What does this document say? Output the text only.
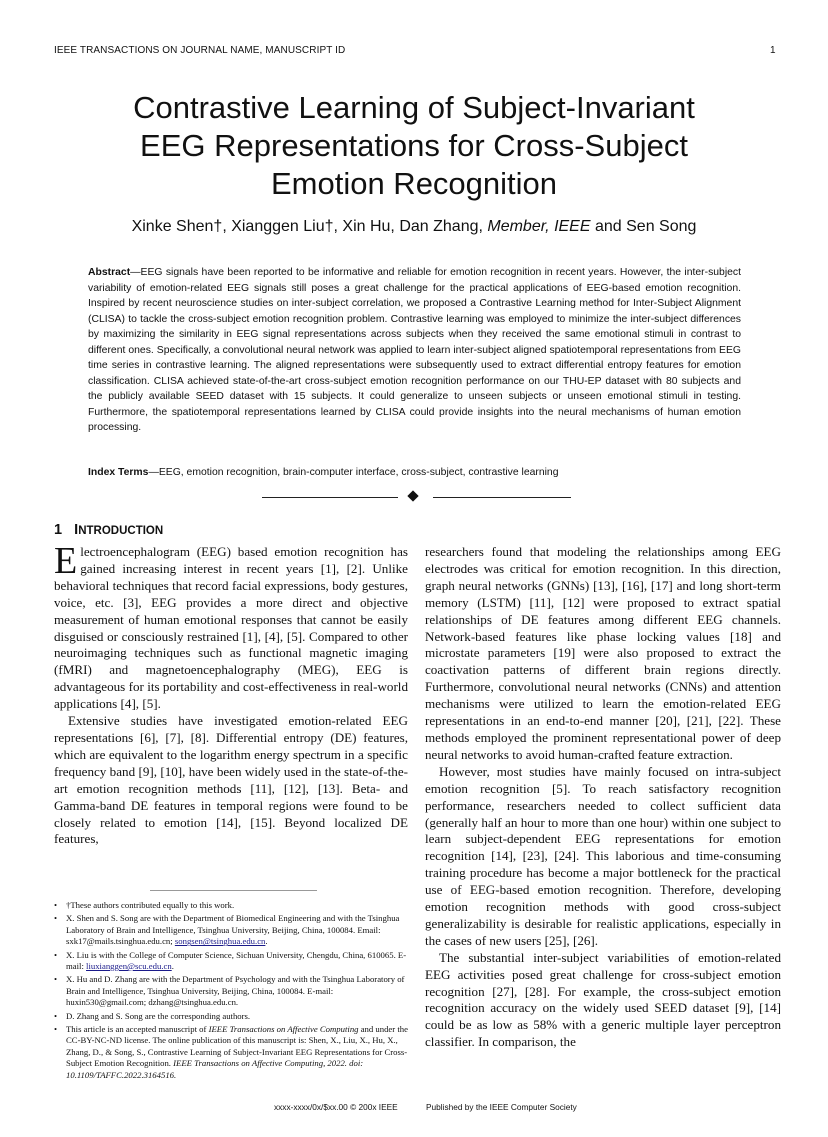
IEEE TRANSACTIONS ON JOURNAL NAME, MANUSCRIPT ID	1
Contrastive Learning of Subject-Invariant
EEG Representations for Cross-Subject
Emotion Recognition
Xinke Shen†, Xianggen Liu†, Xin Hu, Dan Zhang, Member, IEEE and Sen Song
Abstract—EEG signals have been reported to be informative and reliable for emotion recognition in recent years. However, the inter-subject variability of emotion-related EEG signals still poses a great challenge for the practical applications of EEG-based emotion recognition. Inspired by recent neuroscience studies on inter-subject correlation, we proposed a Contrastive Learning method for Inter-Subject Alignment (CLISA) to tackle the cross-subject emotion recognition problem. Contrastive learning was employed to minimize the inter-subject differences by maximizing the similarity in EEG signal representations across subjects when they received the same emotional stimuli in contrast to different ones. Specifically, a convolutional neural network was applied to learn inter-subject aligned spatiotemporal representations from EEG time series in contrastive learning. The aligned representations were subsequently used to extract differential entropy features for emotion classification. CLISA achieved state-of-the-art cross-subject emotion recognition performance on our THU-EP dataset with 80 subjects and the publicly available SEED dataset with 15 subjects. It could generalize to unseen subjects or unseen emotional stimuli in testing. Furthermore, the spatiotemporal representations learned by CLISA could provide insights into the neural mechanisms of human emotion processing.
Index Terms—EEG, emotion recognition, brain-computer interface, cross-subject, contrastive learning
1 INTRODUCTION

Electroencephalogram (EEG) based emotion recognition has gained increasing interest in recent years [1], [2]. Unlike behavioral techniques that record facial expressions, body gestures, voice, etc. [3], EEG provides a more direct and objective measurement of human emotional responses that cannot be easily disguised or consciously restrained [1], [4], [5]. Compared to other neuroimaging techniques such as functional magnetic imaging (fMRI) and magnetoencephalography (MEG), EEG is advantageous for its portability and cost-effectiveness in real-world applications [4], [5].

Extensive studies have investigated emotion-related EEG representations [6], [7], [8]. Differential entropy (DE) features, which are equivalent to the logarithm energy spectrum in a specific frequency band [9], [10], have been widely used in the state-of-the-art emotion recognition methods [11], [12], [13]. Beta- and Gamma-band DE features in temporal regions were found to be closely related to emotion [14], [15]. Beyond localized DE features,

researchers found that modeling the relationships among EEG electrodes was critical for emotion recognition. In this direction, graph neural networks (GNNs) [13], [16], [17] and long short-term memory (LSTM) [11], [12] were proposed to extract spatial relationships of DE features among different EEG channels. Network-based features like phase locking values [18] and microstate parameters [19] were also proposed to extract the coactivation patterns of different brain regions directly. Furthermore, convolutional neural networks (CNNs) and attention mechanisms were utilized to learn the emotion-related EEG representations in an end-to-end manner [20], [21], [22]. These methods employed the prominent representational power of deep neural networks to avoid human-crafted feature extraction.

However, most studies have mainly focused on intra-subject emotion recognition [5]. To reach satisfactory recognition performance, researchers needed to collect sufficient data (generally half an hour to more than one hour) within one subject to learn subject-dependent EEG representations for emotion recognition [14], [23], [24]. This laborious and time-consuming training procedure has become a major bottleneck for the practical use of EEG-based emotion recognition. Therefore, developing emotion recognition methods with good cross-subject generalizability is desirable for realistic applications, especially in the cases of new users [25], [26].

The substantial inter-subject variabilities of emotion-related EEG activities posed great challenge for cross-subject emotion recognition [27], [28]. For example, the cross-subject emotion recognition accuracy on the widely used SEED dataset [9], [14] could be as low as 58% with a generic multiple layer perceptron classifier. In comparison, the

• †These authors contributed equally to this work.
• X. Shen and S. Song are with the Department of Biomedical Engineering and with the Tsinghua Laboratory of Brain and Intelligence, Tsinghua University, Beijing, China, 100084. Email: sxk17@mails.tsinghua.edu.cn; songsen@tsinghua.edu.cn.
• X. Liu is with the College of Computer Science, Sichuan University, Chengdu, China, 610065. E-mail: liuxianggen@scu.edu.cn.
• X. Hu and D. Zhang are with the Department of Psychology and with the Tsinghua Laboratory of Brain and Intelligence, Tsinghua University, Beijing, China, 100084. E-mail: huxin530@gmail.com; dzhang@tsinghua.edu.cn.
• D. Zhang and S. Song are the corresponding authors.
• This article is an accepted manuscript of IEEE Transactions on Affective Computing and under the CC-BY-NC-ND license. The online publication of this manuscript is: Shen, X., Liu, X., Hu, X., Zhang, D., & Song, S., Contrastive Learning of Subject-Invariant EEG Representations for Cross-Subject Emotion Recognition. IEEE Transactions on Affective Computing, 2022. doi: 10.1109/TAFFC.2022.3164516.
xxxx-xxxx/0x/$xx.00 © 200x IEEE	Published by the IEEE Computer Society
